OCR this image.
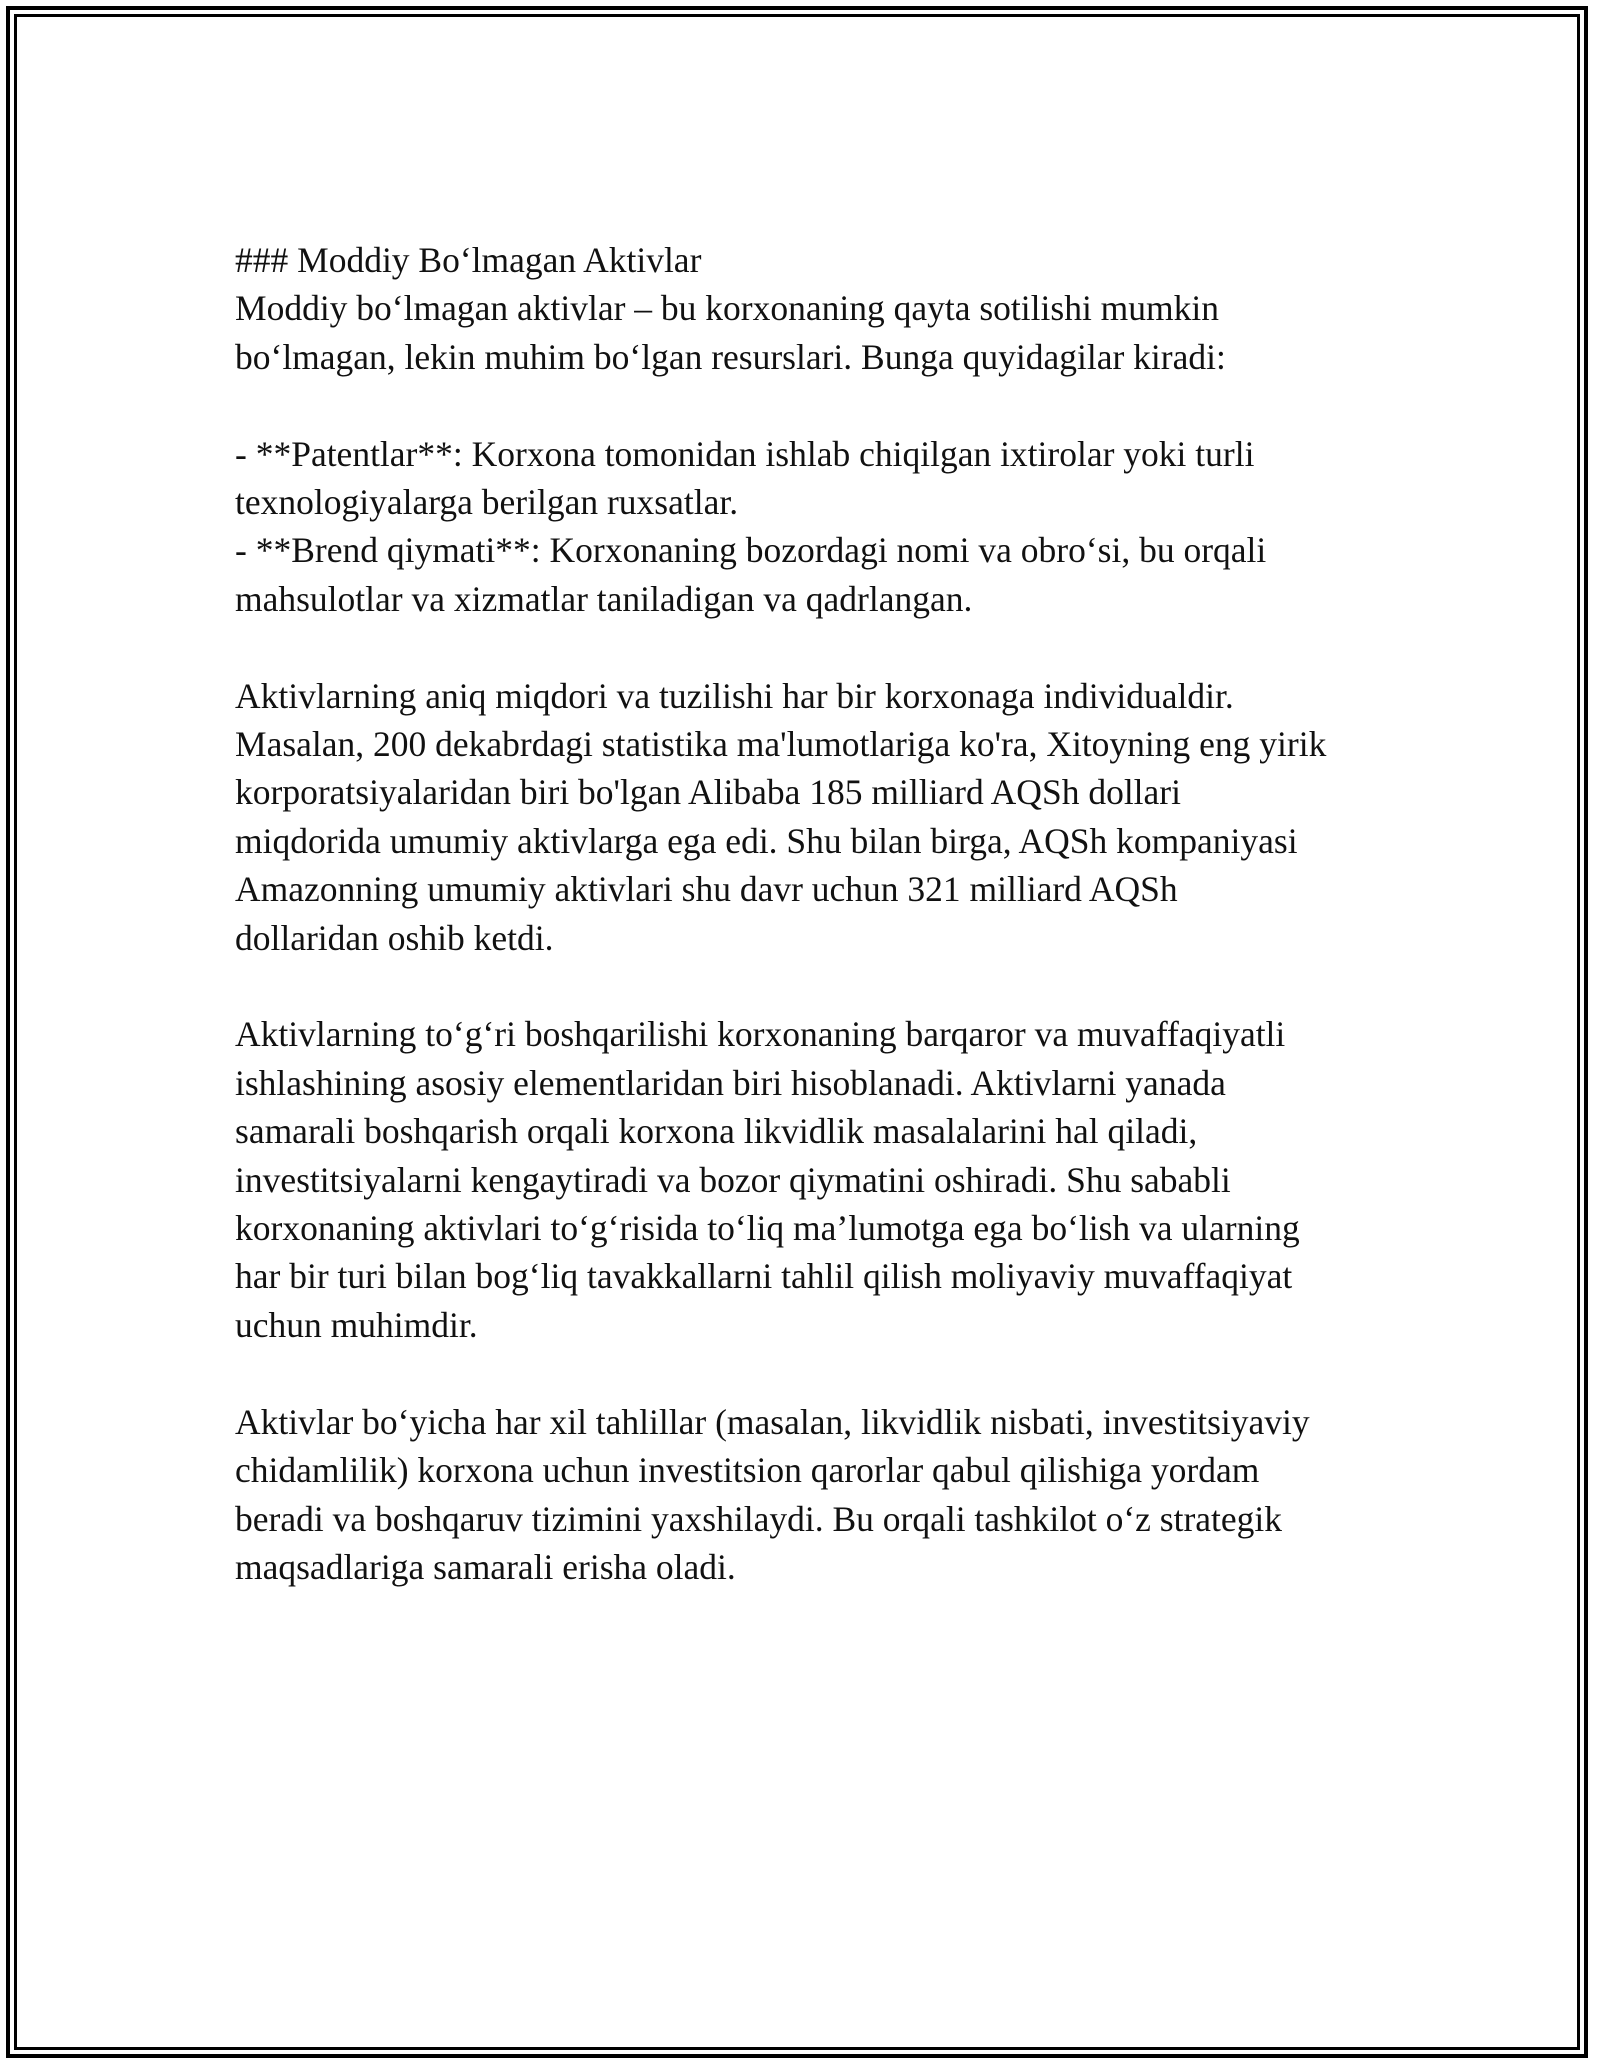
### Moddiy Bo‘lmagan Aktivlar

Moddiy bo‘lmagan aktivlar – bu korxonaning qayta sotilishi mumkin
bo‘lmagan, lekin muhim bo‘lgan resurslari. Bunga quyidagilar kiradi:

- **Patentlar**: Korxona tomonidan ishlab chiqilgan ixtirolar yoki turli
texnologiyalarga berilgan ruxsatlar.

- **Brend qiymati**: Korxonaning bozordagi nomi va obro‘si, bu orqali
mahsulotlar va xizmatlar taniladigan va qadrlangan.

Aktivlarning aniq miqdori va tuzilishi har bir korxonaga individualdir.
Masalan, 200 dekabrdagi statistika ma'lumotlariga ko'ra, Xitoyning eng yirik
korporatsiyalaridan biri bo'lgan Alibaba 185 milliard AQSh dollari
miqdorida umumiy aktivlarga ega edi. Shu bilan birga, AQSh kompaniyasi
Amazonning umumiy aktivlari shu davr uchun 321 milliard AQSh
dollaridan oshib ketdi.

Aktivlarning to‘g‘ri boshqarilishi korxonaning barqaror va muvaffaqiyatli
ishlashining asosiy elementlaridan biri hisoblanadi. Aktivlarni yanada
samarali boshqarish orqali korxona likvidlik masalalarini hal qiladi,
investitsiyalarni kengaytiradi va bozor qiymatini oshiradi. Shu sababli
korxonaning aktivlari to‘g‘risida to‘liq ma’lumotga ega bo‘lish va ularning
har bir turi bilan bog‘liq tavakkallarni tahlil qilish moliyaviy muvaffaqiyat
uchun muhimdir.

Aktivlar bo‘yicha har xil tahlillar (masalan, likvidlik nisbati, investitsiyaviy
chidamlilik) korxona uchun investitsion qarorlar qabul qilishiga yordam
beradi va boshqaruv tizimini yaxshilaydi. Bu orqali tashkilot o‘z strategik
maqsadlariga samarali erisha oladi.
